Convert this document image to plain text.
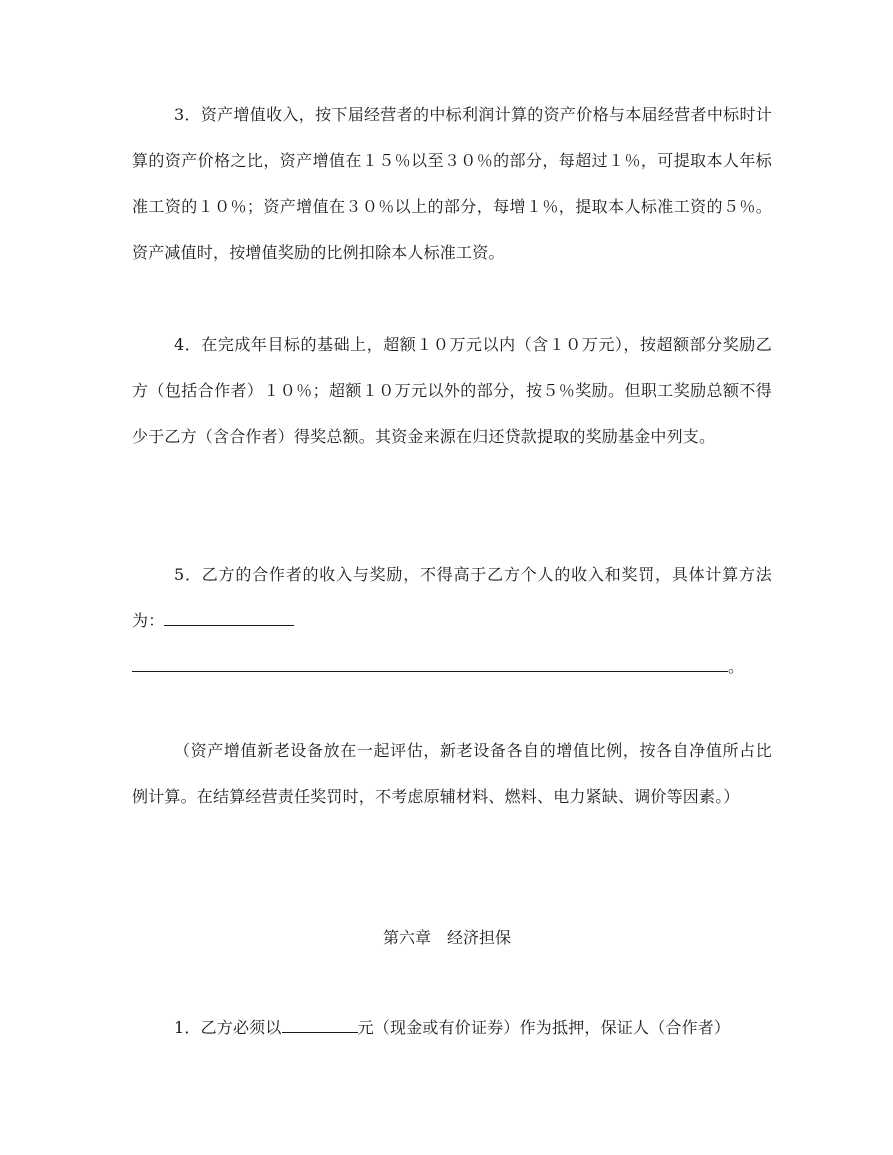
3．资产增值收入，按下届经营者的中标利润计算的资产价格与本届经营者中标时计算的资产价格之比，资产增值在１５％以至３０％的部分，每超过１％，可提取本人年标准工资的１０％；资产增值在３０％以上的部分，每增１％，提取本人标准工资的５％。资产减值时，按增值奖励的比例扣除本人标准工资。

4．在完成年目标的基础上，超额１０万元以内（含１０万元），按超额部分奖励乙方（包括合作者）１０％；超额１０万元以外的部分，按５％奖励。但职工奖励总额不得少于乙方（含合作者）得奖总额。其资金来源在归还贷款提取的奖励基金中列支。

5．乙方的合作者的收入与奖励，不得高于乙方个人的收入和奖罚，具体计算方法为：

。

（资产增值新老设备放在一起评估，新老设备各自的增值比例，按各自净值所占比例计算。在结算经营责任奖罚时，不考虑原辅材料、燃料、电力紧缺、调价等因素。）

第六章　经济担保

1．乙方必须以	元（现金或有价证券）作为抵押，保证人（合作者）
